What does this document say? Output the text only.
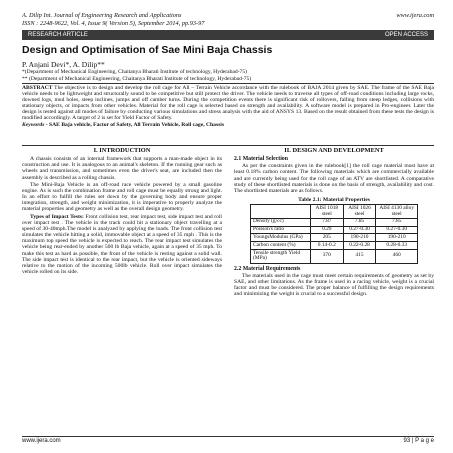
A. Dilip Int. Journal of Engineering Research and Applications	www.ijera.com
ISSN : 2248-9622, Vol. 4, Issue 9( Version 5), September 2014, pp.93-97
RESEARCH ARTICLE	OPEN ACCESS
Design and Optimisation of Sae Mini Baja Chassis
P. Anjani Devi*, A. Dilip**
*(Department of Mechanical Engineering, Chaitanya Bharati Institute of technology, Hyderabad-75)
** (Department of Mechanical Engineering, Chaitanya Bharati Institute of technology, Hyderabad-75)
ABSTRACT The objective is to design and develop the roll cage for All – Terrain Vehicle accordance with the rulebook of BAJA 2014 given by SAE. The frame of the SAE Baja vehicle needs to be lightweight and structurally sound to be competitive but still protect the driver. The vehicle needs to traverse all types of off-road conditions including large rocks, downed logs, mud holes, steep inclines, jumps and off camber turns. During the competition events there is significant risk of rollovers, falling from steep ledges, collisions with stationary objects, or impacts from other vehicles. Material for the roll cage is selected based on strength and availability. A software model is prepared in Pro-engineer. Later the design is tested against all modes of failure by conducting various simulations and stress analysis with the aid of ANSYS 13. Based on the result obtained from these tests the design is modified accordingly. A target of 2 is set for Yield Factor of Safety.
Keywords - SAE Baja vehicle, Factor of Safety, All Terrain Vehicle, Roll cage, Chassis
I. INTRODUCTION

A chassis consists of an internal framework that supports a man-made object in its construction and use. It is analogous to an animal's skeleton. If the running gear such as wheels and transmission, and sometimes even the driver's seat, are included then the assembly is described as a rolling chassis.

The Mini-Baja Vehicle is an off-road race vehicle powered by a small gasoline engine. As is such the combination frame and roll cage must be equally strong and light. In an effort to fulfill the rules set down by the governing body and ensure proper integration, strength, and weight minimization, it is imperative to properly analyze the material properties and geometry as well as the overall design geometry.

Types of Impact Tests: Front collision test, rear impact test, side impact test and roll over impact test . The vehicle in the track could hit a stationary object travelling at a speed of 30-40mph.The model is analyzed by applying the loads. The front collision test simulates the vehicle hitting a solid, immovable object at a speed of 35 mph . This is the maximum top speed the vehicle is expected to reach. The rear impact test simulates the vehicle being rear-ended by another 500 lb Baja vehicle, again at a speed of 35 mph. To make this test as hard as possible, the front of the vehicle is resting against a solid wall. The side impact test is identical to the rear impact, but the vehicle is oriented sideways relative to the motion of the incoming 500lb vehicle. Roll over impact simulates the vehicle rolled on its side.

II. DESIGN AND DEVELOPMENT
2.1 Material Selection

As per the constraints given in the rulebook[1] the roll cage material must have at least 0.18% carbon content. The following materials which are commercially available and are currently being used for the roll cage of an ATV are shortlisted. A comparative study of these shortlisted materials is done on the basis of strength, availability and cost. The shortlisted materials are as follows.

Table 2.1: Material Properties
	AISI 1018 steel	AISI 1026 steel	AISI 4130 alloy steel
Density (g/cc)	7.87	7.85	7.85
Poisson's ratio	0.29	0.27-0.30	0.27-0.30
YoungsModulus (GPa)	205	190-210	190-210
Carbon content (%)	0.14-0.2	0.22-0.28	0.28-0.33
Tensile strength Yield (MPa)	370	415	460
2.2 Material Requirements

The materials used in the cage must meet certain requirements of geometry as set by SAE, and other limitations. As the frame is used in a racing vehicle, weight is a crucial factor and must be considered. The proper balance of fulfilling the design requirements and minimizing the weight is crucial to a successful design.

www.ijera.com	93 | P a g e
